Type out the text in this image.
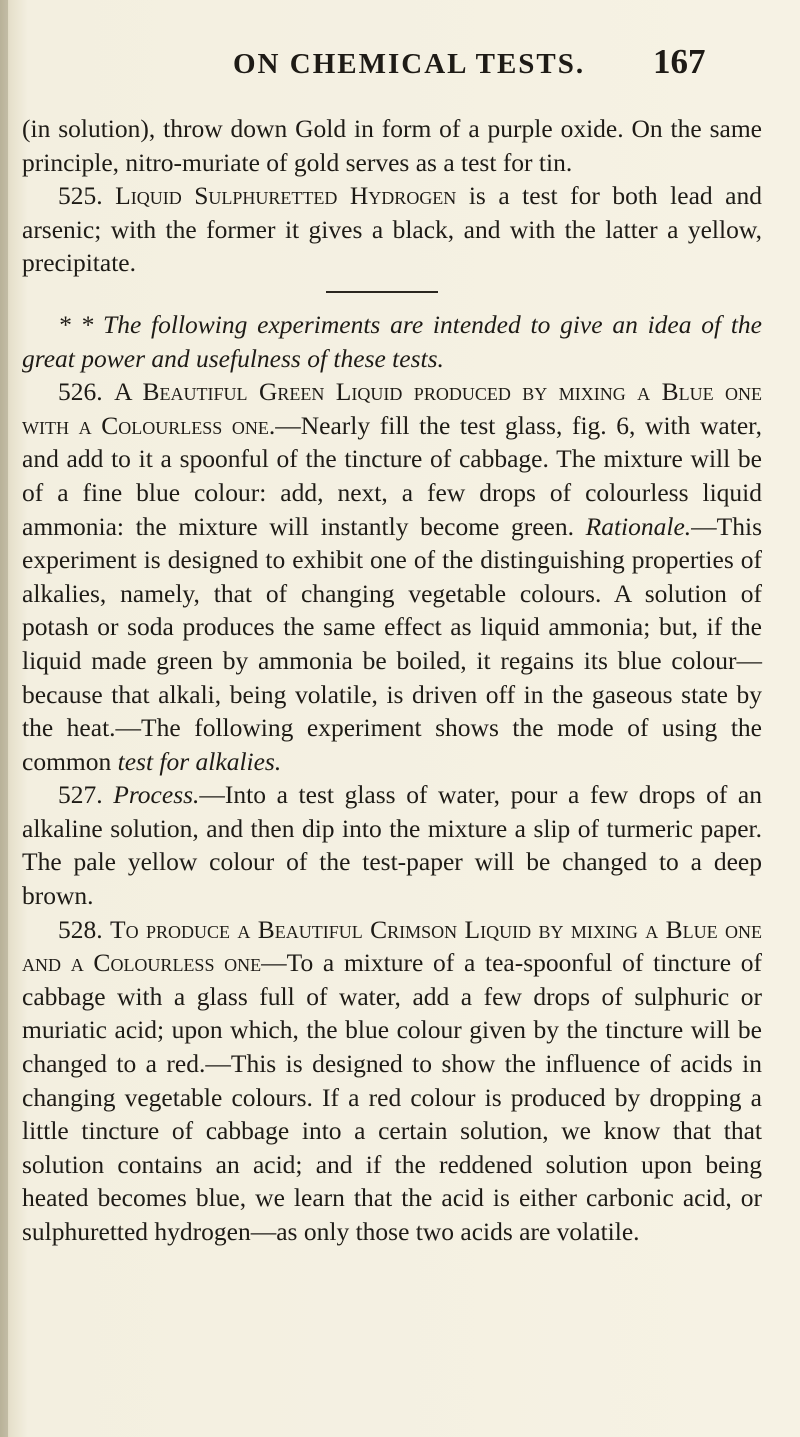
ON CHEMICAL TESTS. 167

(in solution), throw down Gold in form of a purple oxide. On the same principle, nitro-muriate of gold serves as a test for tin.

525. Liquid Sulphuretted Hydrogen is a test for both lead and arsenic; with the former it gives a black, and with the latter a yellow, precipitate.

* * The following experiments are intended to give an idea of the great power and usefulness of these tests.

526. A Beautiful Green Liquid produced by mixing a Blue one with a Colourless one.—Nearly fill the test glass, fig. 6, with water, and add to it a spoonful of the tincture of cabbage. The mixture will be of a fine blue colour: add, next, a few drops of colourless liquid ammonia: the mixture will instantly become green. Rationale.—This experiment is designed to exhibit one of the distinguishing properties of alkalies, namely, that of changing vegetable colours. A solution of potash or soda produces the same effect as liquid ammonia; but, if the liquid made green by ammonia be boiled, it regains its blue colour—because that alkali, being volatile, is driven off in the gaseous state by the heat.—The following experiment shows the mode of using the common test for alkalies.

527. Process.—Into a test glass of water, pour a few drops of an alkaline solution, and then dip into the mixture a slip of turmeric paper. The pale yellow colour of the test-paper will be changed to a deep brown.

528. To produce a Beautiful Crimson Liquid by mixing a Blue one and a Colourless one—To a mixture of a tea-spoonful of tincture of cabbage with a glass full of water, add a few drops of sulphuric or muriatic acid; upon which, the blue colour given by the tincture will be changed to a red.—This is designed to show the influence of acids in changing vegetable colours. If a red colour is produced by dropping a little tincture of cabbage into a certain solution, we know that that solution contains an acid; and if the reddened solution upon being heated becomes blue, we learn that the acid is either carbonic acid, or sulphuretted hydrogen—as only those two acids are volatile.
